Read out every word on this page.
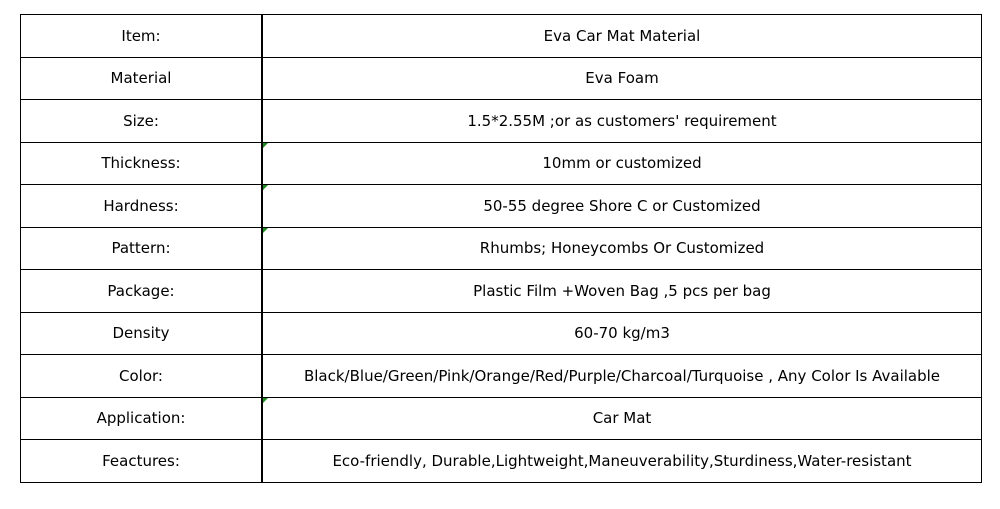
Item:	Eva Car Mat Material
Material	Eva Foam
Size:	1.5*2.55M ;or as customers' requirement
Thickness:	10mm or customized
Hardness:	50-55 degree Shore C or Customized
Pattern:	Rhumbs; Honeycombs Or Customized
Package:	Plastic Film +Woven Bag ,5 pcs per bag
Density	60-70 kg/m3
Color:	Black/Blue/Green/Pink/Orange/Red/Purple/Charcoal/Turquoise , Any Color Is Available
Application:	Car Mat
Feactures:	Eco-friendly, Durable,Lightweight,Maneuverability,Sturdiness,Water-resistant
